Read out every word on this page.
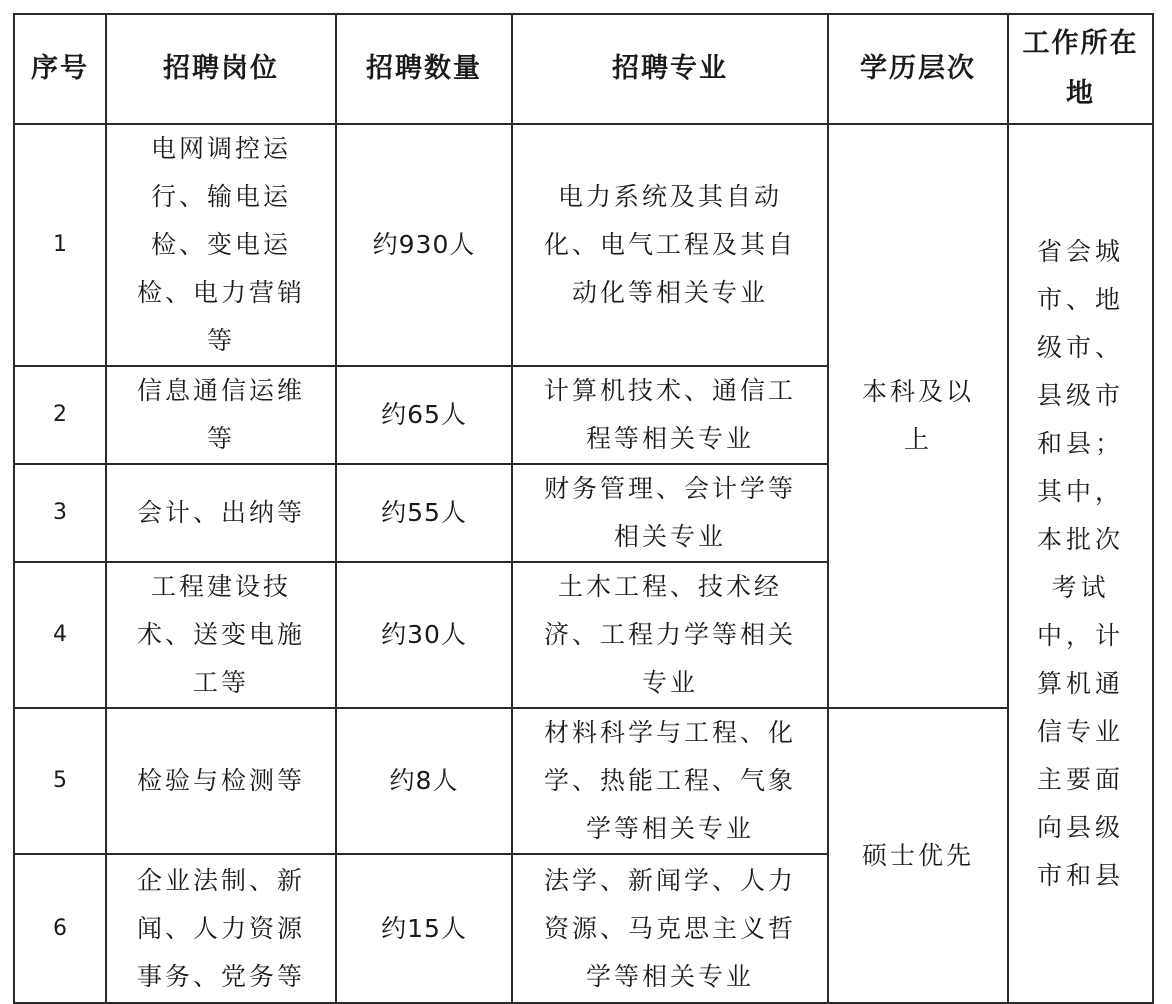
序号	招聘岗位	招聘数量	招聘专业	学历层次	工作所在地
1	电网调控运行、输电运检、变电运检、电力营销等	约930人	电力系统及其自动化、电气工程及其自动化等相关专业	本科及以上	省会城市、地级市、县级市和县；其中，本批次考试中，计算机通信专业主要面向县级市和县
2	信息通信运维等	约65人	计算机技术、通信工程等相关专业		
3	会计、出纳等	约55人	财务管理、会计学等相关专业		
4	工程建设技术、送变电施工等	约30人	土木工程、技术经济、工程力学等相关专业		
5	检验与检测等	约8人	材料科学与工程、化学、热能工程、气象学等相关专业	硕士优先	
6	企业法制、新闻、人力资源事务、党务等	约15人	法学、新闻学、人力资源、马克思主义哲学等相关专业		
